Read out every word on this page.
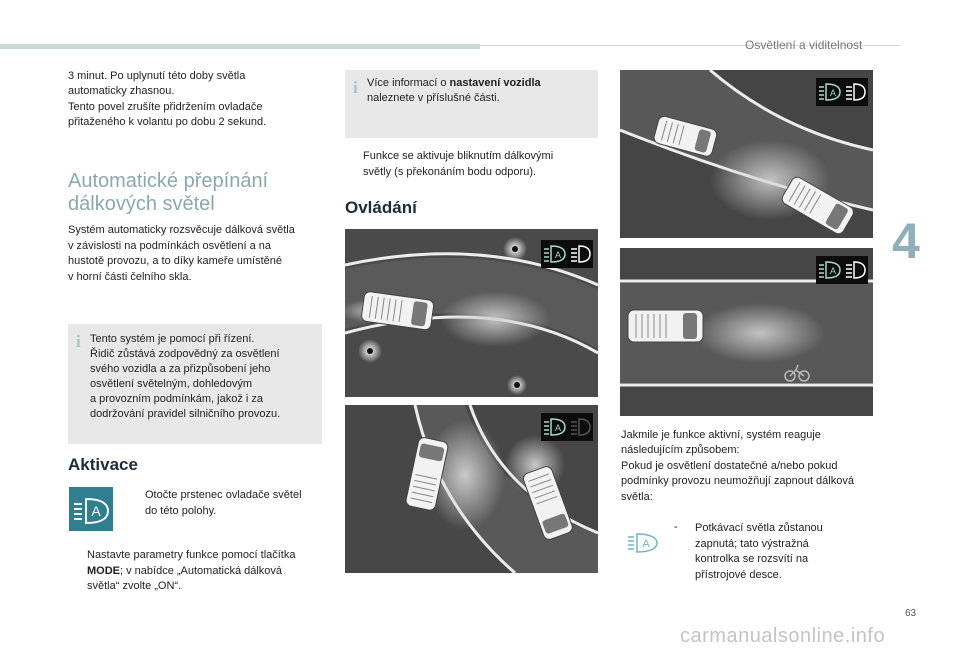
Osvětlení a viditelnost
4

3 minut. Po uplynutí této doby světla

automaticky zhasnou.

Tento povel zrušíte přidržením ovladače

přitaženého k volantu po dobu 2 sekund.

Automatické přepínání
dálkových světel

Systém automaticky rozsvěcuje dálková světla

v závislosti na podmínkách osvětlení a na

hustotě provozu, a to díky kameře umístěné

v horní části čelního skla.

i Tento systém je pomocí při řízení.
Řidič zůstává zodpovědný za osvětlení
svého vozidla a za přizpůsobení jeho
osvětlení světelným, dohledovým
a provozním podmínkám, jakož i za
dodržování pravidel silničního provozu.
Aktivace
A

Otočte prstenec ovladače světel

do této polohy.

Nastavte parametry funkce pomocí tlačítka

MODE; v nabídce „Automatická dálková

světla“ zvolte „ON“.

i Více informací o nastavení vozidla
naleznete v příslušné části.

Funkce se aktivuje bliknutím dálkovými

světly (s překonáním bodu odporu).

Ovládání
A
A
A
A

Jakmile je funkce aktivní, systém reaguje

následujícím způsobem:

Pokud je osvětlení dostatečné a/nebo pokud

podmínky provozu neumožňují zapnout dálková

světla:

A
- Potkávací světla zůstanou

zapnutá; tato výstražná

kontrolka se rozsvítí na

přístrojové desce.

63
carmanualsonline.info
